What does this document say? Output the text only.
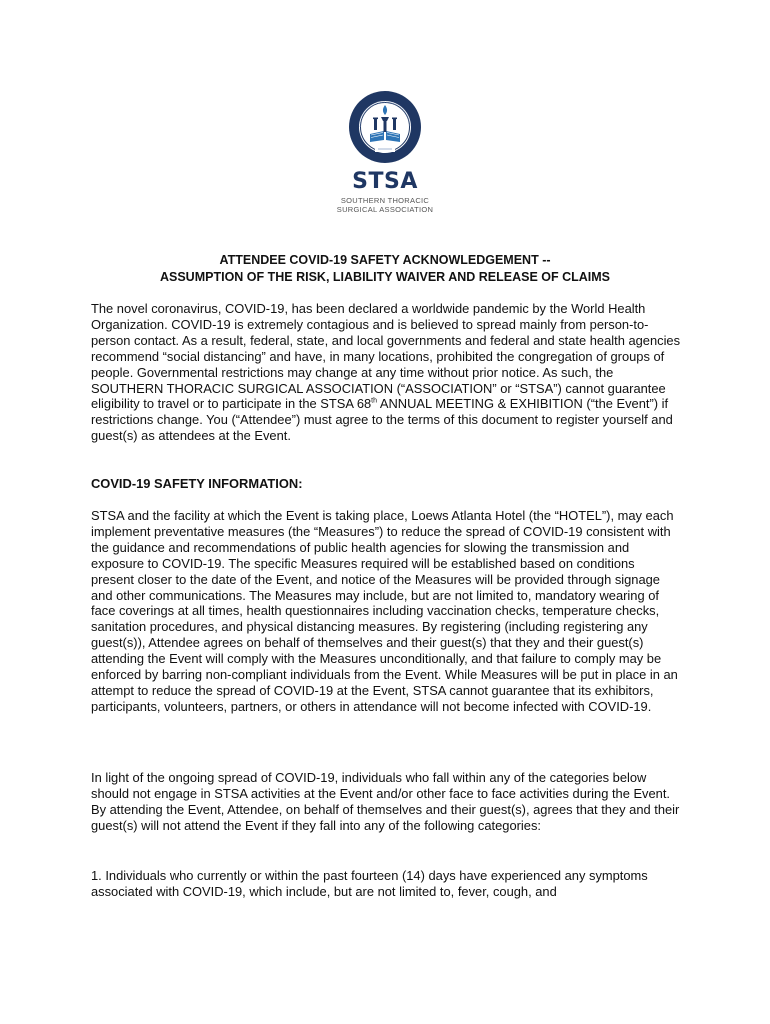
STSA
SOUTHERN THORACIC
SURGICAL ASSOCIATION
ATTENDEE COVID-19 SAFETY ACKNOWLEDGEMENT --
ASSUMPTION OF THE RISK, LIABILITY WAIVER AND RELEASE OF CLAIMS

The novel coronavirus, COVID-19, has been declared a worldwide pandemic by the World Health Organization. COVID-19 is extremely contagious and is believed to spread mainly from person-to-person contact. As a result, federal, state, and local governments and federal and state health agencies recommend “social distancing” and have, in many locations, prohibited the congregation of groups of people. Governmental restrictions may change at any time without prior notice. As such, the SOUTHERN THORACIC SURGICAL ASSOCIATION (“ASSOCIATION” or “STSA”) cannot guarantee eligibility to travel or to participate in the STSA 68th ANNUAL MEETING & EXHIBITION (“the Event”) if restrictions change. You (“Attendee”) must agree to the terms of this document to register yourself and guest(s) as attendees at the Event.

COVID-19 SAFETY INFORMATION:

STSA and the facility at which the Event is taking place, Loews Atlanta Hotel (the “HOTEL”), may each implement preventative measures (the “Measures”) to reduce the spread of COVID-19 consistent with the guidance and recommendations of public health agencies for slowing the transmission and exposure to COVID-19. The specific Measures required will be established based on conditions present closer to the date of the Event, and notice of the Measures will be provided through signage and other communications. The Measures may include, but are not limited to, mandatory wearing of face coverings at all times, health questionnaires including vaccination checks, temperature checks, sanitation procedures, and physical distancing measures. By registering (including registering any guest(s)), Attendee agrees on behalf of themselves and their guest(s) that they and their guest(s) attending the Event will comply with the Measures unconditionally, and that failure to comply may be enforced by barring non-compliant individuals from the Event. While Measures will be put in place in an attempt to reduce the spread of COVID-19 at the Event, STSA cannot guarantee that its exhibitors, participants, volunteers, partners, or others in attendance will not become infected with COVID-19.

In light of the ongoing spread of COVID-19, individuals who fall within any of the categories below should not engage in STSA activities at the Event and/or other face to face activities during the Event. By attending the Event, Attendee, on behalf of themselves and their guest(s), agrees that they and their guest(s) will not attend the Event if they fall into any of the following categories:

1. Individuals who currently or within the past fourteen (14) days have experienced any symptoms associated with COVID-19, which include, but are not limited to, fever, cough, and
